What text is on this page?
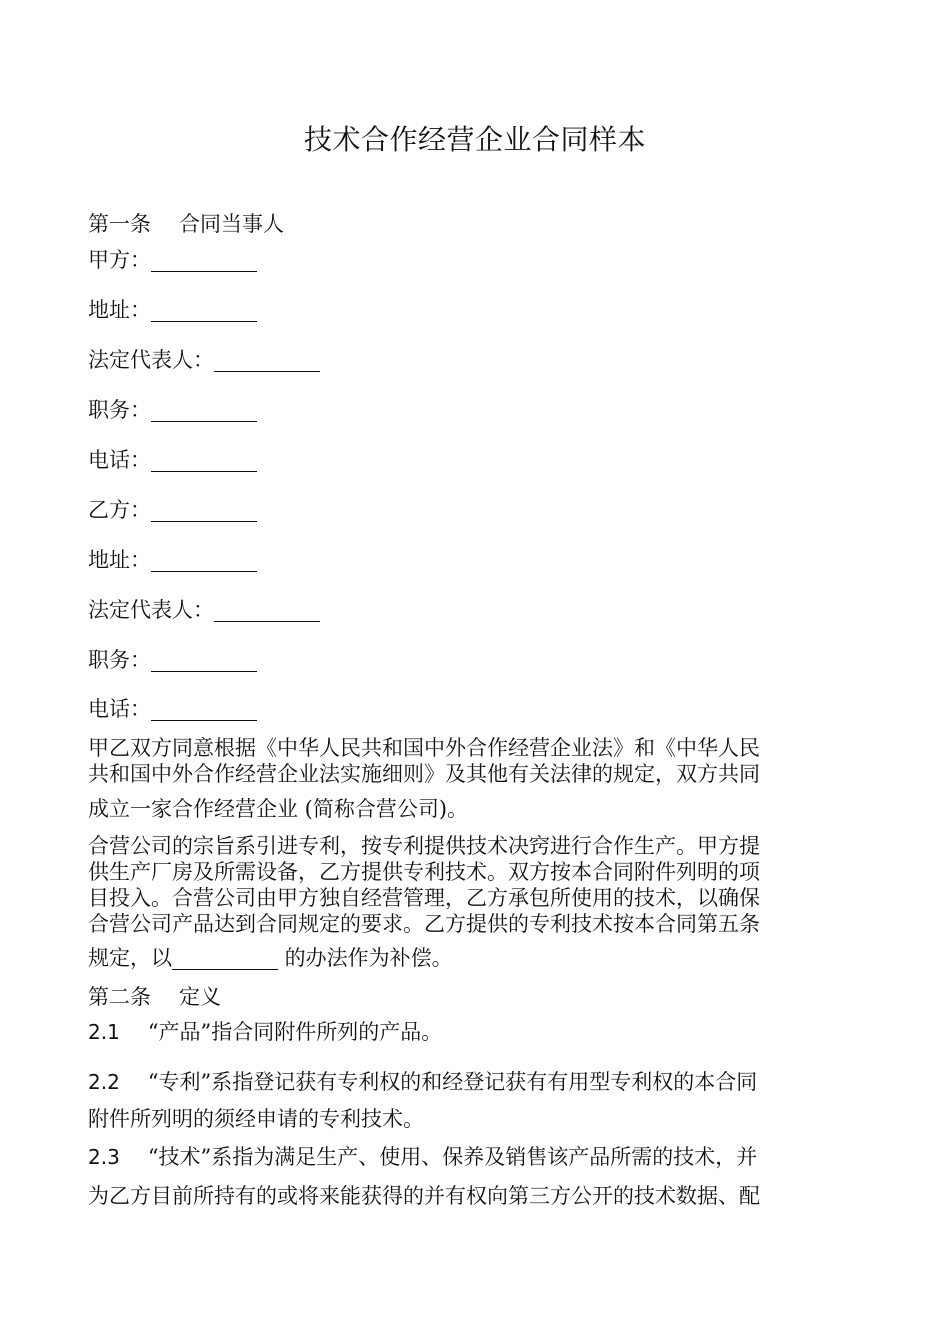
技术合作经营企业合同样本

第一条 合同当事人

甲方：

地址：

法定代表人：

职务：

电话：

乙方：

地址：

法定代表人：

职务：

电话：

甲乙双方同意根据《中华人民共和国中外合作经营企业法》和《中华人民

共和国中外合作经营企业法实施细则》及其他有关法律的规定，双方共同

成立一家合作经营企业 (简称合营公司)。

合营公司的宗旨系引进专利，按专利提供技术决窍进行合作生产。甲方提

供生产厂房及所需设备，乙方提供专利技术。双方按本合同附件列明的项

目投入。合营公司由甲方独自经营管理，乙方承包所使用的技术，以确保

合营公司产品达到合同规定的要求。乙方提供的专利技术按本合同第五条

规定，以	的办法作为补偿。

第二条 定义

2.1 “产品”指合同附件所列的产品。

2.2 “专利”系指登记获有专利权的和经登记获有有用型专利权的本合同

附件所列明的须经申请的专利技术。

2.3 “技术”系指为满足生产、使用、保养及销售该产品所需的技术，并

为乙方目前所持有的或将来能获得的并有权向第三方公开的技术数据、配
